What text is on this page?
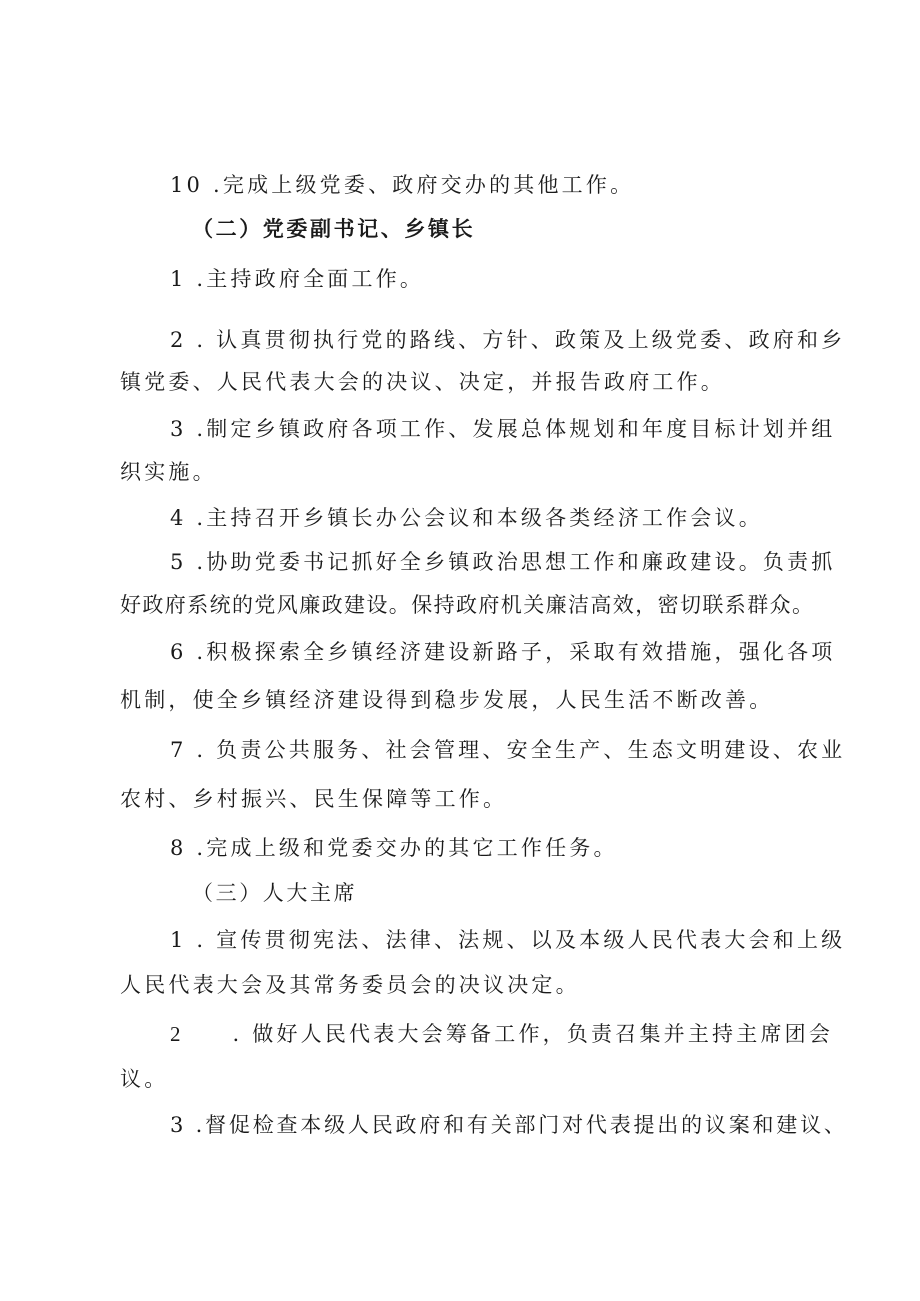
10 .完成上级党委、政府交办的其他工作。
（二）党委副书记、乡镇长
1 .主持政府全面工作。
2 . 认真贯彻执行党的路线、方针、政策及上级党委、政府和乡
镇党委、人民代表大会的决议、决定，并报告政府工作。
3 .制定乡镇政府各项工作、发展总体规划和年度目标计划并组
织实施。
4 .主持召开乡镇长办公会议和本级各类经济工作会议。
5 .协助党委书记抓好全乡镇政治思想工作和廉政建设。负责抓
好政府系统的党风廉政建设。保持政府机关廉洁高效，密切联系群众。
6 .积极探索全乡镇经济建设新路子，采取有效措施，强化各项
机制，使全乡镇经济建设得到稳步发展，人民生活不断改善。
7 . 负责公共服务、社会管理、安全生产、生态文明建设、农业
农村、乡村振兴、民生保障等工作。
8 .完成上级和党委交办的其它工作任务。
（三）人大主席
1 . 宣传贯彻宪法、法律、法规、以及本级人民代表大会和上级
人民代表大会及其常务委员会的决议决定。
2 . 做好人民代表大会筹备工作，负责召集并主持主席团会
议。
3 .督促检查本级人民政府和有关部门对代表提出的议案和建议、
